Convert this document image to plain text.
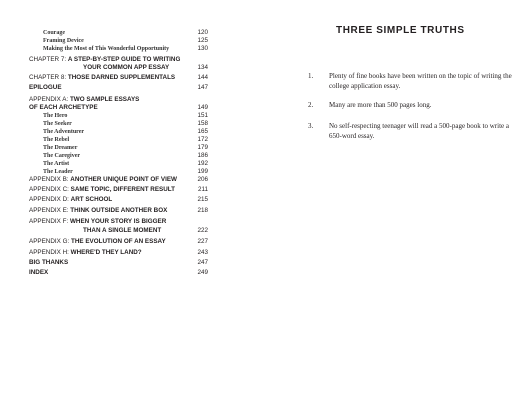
Courage	120
Framing Device	125
Making the Most of This Wonderful Opportunity	130
CHAPTER 7: A STEP-BY-STEP GUIDE TO WRITING
YOUR COMMON APP ESSAY	134
CHAPTER 8: THOSE DARNED SUPPLEMENTALS	144
EPILOGUE	147
APPENDIX A: TWO SAMPLE ESSAYS
OF EACH ARCHETYPE	149
The Hero	151
The Seeker	158
The Adventurer	165
The Rebel	172
The Dreamer	179
The Caregiver	186
The Artist	192
The Leader	199
APPENDIX B: ANOTHER UNIQUE POINT OF VIEW	206
APPENDIX C: SAME TOPIC, DIFFERENT RESULT	211
APPENDIX D: ART SCHOOL	215
APPENDIX E: THINK OUTSIDE ANOTHER BOX	218
APPENDIX F: WHEN YOUR STORY IS BIGGER
THAN A SINGLE MOMENT	222
APPENDIX G: THE EVOLUTION OF AN ESSAY	227
APPENDIX H: WHERE'D THEY LAND?	243
BIG THANKS	247
INDEX	249
THREE SIMPLE TRUTHS
1. Plenty of fine books have been written on the topic of writing the college application essay.
2. Many are more than 500 pages long.
3. No self-respecting teenager will read a 500-page book to write a 650-word essay.
